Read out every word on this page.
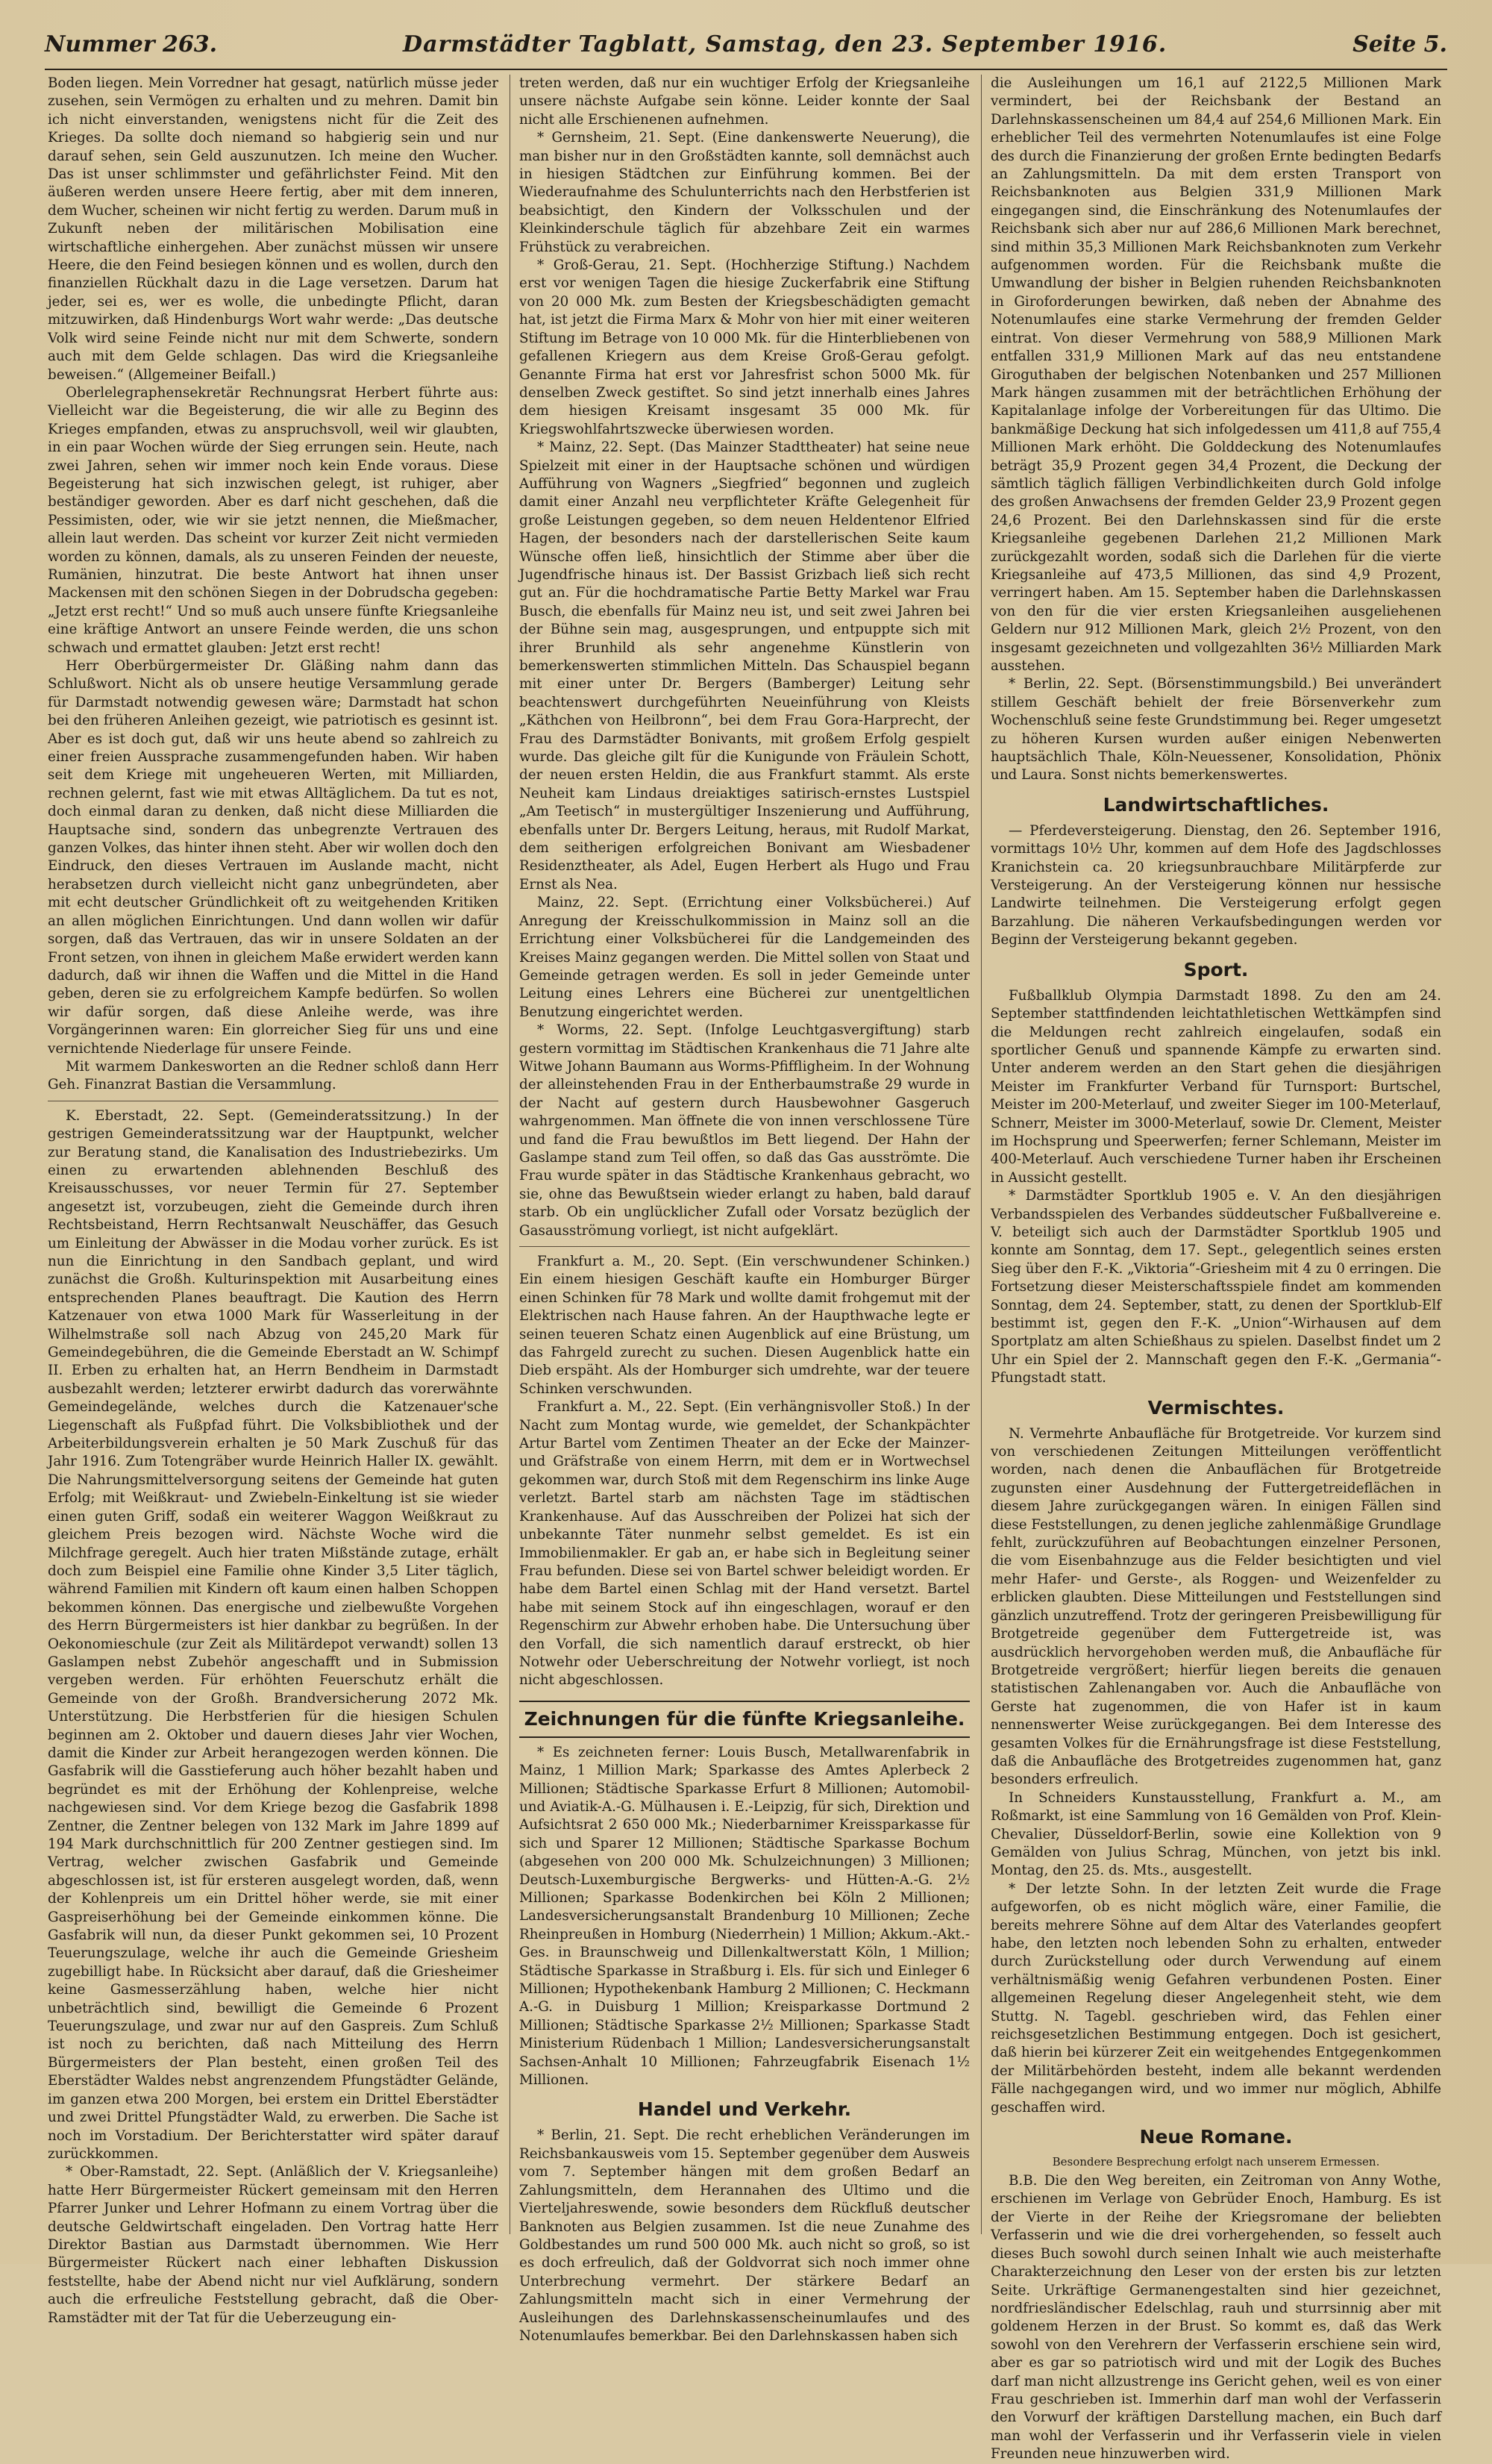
Nummer 263.	Darmstädter Tagblatt, Samstag, den 23. September 1916.	Seite 5.

Boden liegen. Mein Vorredner hat gesagt, natürlich müsse jeder zusehen, sein Vermögen zu erhalten und zu mehren. Damit bin ich nicht einverstanden, wenigstens nicht für die Zeit des Krieges. Da sollte doch niemand so habgierig sein und nur darauf sehen, sein Geld auszunutzen. Ich meine den Wucher. Das ist unser schlimmster und gefährlichster Feind. Mit den äußeren werden unsere Heere fertig, aber mit dem inneren, dem Wucher, scheinen wir nicht fertig zu werden. Darum muß in Zukunft neben der militärischen Mobilisation eine wirtschaftliche einhergehen. Aber zunächst müssen wir unsere Heere, die den Feind besiegen können und es wollen, durch den finanziellen Rückhalt dazu in die Lage versetzen. Darum hat jeder, sei es, wer es wolle, die unbedingte Pflicht, daran mitzuwirken, daß Hindenburgs Wort wahr werde: „Das deutsche Volk wird seine Feinde nicht nur mit dem Schwerte, sondern auch mit dem Gelde schlagen. Das wird die Kriegsanleihe beweisen.“ (Allgemeiner Beifall.)

Oberlelegraphensekretär Rechnungsrat Herbert führte aus: Vielleicht war die Begeisterung, die wir alle zu Beginn des Krieges empfanden, etwas zu anspruchsvoll, weil wir glaubten, in ein paar Wochen würde der Sieg errungen sein. Heute, nach zwei Jahren, sehen wir immer noch kein Ende voraus. Diese Begeisterung hat sich inzwischen gelegt, ist ruhiger, aber beständiger geworden. Aber es darf nicht geschehen, daß die Pessimisten, oder, wie wir sie jetzt nennen, die Mießmacher, allein laut werden. Das scheint vor kurzer Zeit nicht vermieden worden zu können, damals, als zu unseren Feinden der neueste, Rumänien, hinzutrat. Die beste Antwort hat ihnen unser Mackensen mit den schönen Siegen in der Dobrudscha gegeben: „Jetzt erst recht!“ Und so muß auch unsere fünfte Kriegsanleihe eine kräftige Antwort an unsere Feinde werden, die uns schon schwach und ermattet glauben: Jetzt erst recht!

Herr Oberbürgermeister Dr. Gläßing nahm dann das Schlußwort. Nicht als ob unsere heutige Versammlung gerade für Darmstadt notwendig gewesen wäre; Darmstadt hat schon bei den früheren Anleihen gezeigt, wie patriotisch es gesinnt ist. Aber es ist doch gut, daß wir uns heute abend so zahlreich zu einer freien Aussprache zusammengefunden haben. Wir haben seit dem Kriege mit ungeheueren Werten, mit Milliarden, rechnen gelernt, fast wie mit etwas Alltäglichem. Da tut es not, doch einmal daran zu denken, daß nicht diese Milliarden die Hauptsache sind, sondern das unbegrenzte Vertrauen des ganzen Volkes, das hinter ihnen steht. Aber wir wollen doch den Eindruck, den dieses Vertrauen im Auslande macht, nicht herabsetzen durch vielleicht nicht ganz unbegründeten, aber mit echt deutscher Gründlichkeit oft zu weitgehenden Kritiken an allen möglichen Einrichtungen. Und dann wollen wir dafür sorgen, daß das Vertrauen, das wir in unsere Soldaten an der Front setzen, von ihnen in gleichem Maße erwidert werden kann dadurch, daß wir ihnen die Waffen und die Mittel in die Hand geben, deren sie zu erfolgreichem Kampfe bedürfen. So wollen wir dafür sorgen, daß diese Anleihe werde, was ihre Vorgängerinnen waren: Ein glorreicher Sieg für uns und eine vernichtende Niederlage für unsere Feinde.

Mit warmem Dankesworten an die Redner schloß dann Herr Geh. Finanzrat Bastian die Versammlung.

K. Eberstadt, 22. Sept. (Gemeinderatssitzung.) In der gestrigen Gemeinderatssitzung war der Hauptpunkt, welcher zur Beratung stand, die Kanalisation des Industriebezirks. Um einen zu erwartenden ablehnenden Beschluß des Kreisausschusses, vor neuer Termin für 27. September angesetzt ist, vorzubeugen, zieht die Gemeinde durch ihren Rechtsbeistand, Herrn Rechtsanwalt Neuschäffer, das Gesuch um Einleitung der Abwässer in die Modau vorher zurück. Es ist nun die Einrichtung in den Sandbach geplant, und wird zunächst die Großh. Kulturinspektion mit Ausarbeitung eines entsprechenden Planes beauftragt. Die Kaution des Herrn Katzenauer von etwa 1000 Mark für Wasserleitung in der Wilhelmstraße soll nach Abzug von 245,20 Mark für Gemeindegebühren, die die Gemeinde Eberstadt an W. Schimpf II. Erben zu erhalten hat, an Herrn Bendheim in Darmstadt ausbezahlt werden; letzterer erwirbt dadurch das vorerwähnte Gemeindegelände, welches durch die Katzenauer'sche Liegenschaft als Fußpfad führt. Die Volksbibliothek und der Arbeiterbildungsverein erhalten je 50 Mark Zuschuß für das Jahr 1916. Zum Totengräber wurde Heinrich Haller IX. gewählt. Die Nahrungsmittelversorgung seitens der Gemeinde hat guten Erfolg; mit Weißkraut- und Zwiebeln-Einkeltung ist sie wieder einen guten Griff, sodaß ein weiterer Waggon Weißkraut zu gleichem Preis bezogen wird. Nächste Woche wird die Milchfrage geregelt. Auch hier traten Mißstände zutage, erhält doch zum Beispiel eine Familie ohne Kinder 3,5 Liter täglich, während Familien mit Kindern oft kaum einen halben Schoppen bekommen können. Das energische und zielbewußte Vorgehen des Herrn Bürgermeisters ist hier dankbar zu begrüßen. In der Oekonomieschule (zur Zeit als Militärdepot verwandt) sollen 13 Gaslampen nebst Zubehör angeschafft und in Submission vergeben werden. Für erhöhten Feuerschutz erhält die Gemeinde von der Großh. Brandversicherung 2072 Mk. Unterstützung. Die Herbstferien für die hiesigen Schulen beginnen am 2. Oktober und dauern dieses Jahr vier Wochen, damit die Kinder zur Arbeit herangezogen werden können. Die Gasfabrik will die Gasstieferung auch höher bezahlt haben und begründet es mit der Erhöhung der Kohlenpreise, welche nachgewiesen sind. Vor dem Kriege bezog die Gasfabrik 1898 Zentner, die Zentner belegen von 132 Mark im Jahre 1899 auf 194 Mark durchschnittlich für 200 Zentner gestiegen sind. Im Vertrag, welcher zwischen Gasfabrik und Gemeinde abgeschlossen ist, ist für ersteren ausgelegt worden, daß, wenn der Kohlenpreis um ein Drittel höher werde, sie mit einer Gaspreiserhöhung bei der Gemeinde einkommen könne. Die Gasfabrik will nun, da dieser Punkt gekommen sei, 10 Prozent Teuerungszulage, welche ihr auch die Gemeinde Griesheim zugebilligt habe. In Rücksicht aber darauf, daß die Griesheimer keine Gasmesserzählung haben, welche hier nicht unbeträchtlich sind, bewilligt die Gemeinde 6 Prozent Teuerungszulage, und zwar nur auf den Gaspreis. Zum Schluß ist noch zu berichten, daß nach Mitteilung des Herrn Bürgermeisters der Plan besteht, einen großen Teil des Eberstädter Waldes nebst angrenzendem Pfungstädter Gelände, im ganzen etwa 200 Morgen, bei erstem ein Drittel Eberstädter und zwei Drittel Pfungstädter Wald, zu erwerben. Die Sache ist noch im Vorstadium. Der Berichterstatter wird später darauf zurückkommen.

* Ober-Ramstadt, 22. Sept. (Anläßlich der V. Kriegsanleihe) hatte Herr Bürgermeister Rückert gemeinsam mit den Herren Pfarrer Junker und Lehrer Hofmann zu einem Vortrag über die deutsche Geldwirtschaft eingeladen. Den Vortrag hatte Herr Direktor Bastian aus Darmstadt übernommen. Wie Herr Bürgermeister Rückert nach einer lebhaften Diskussion feststellte, habe der Abend nicht nur viel Aufklärung, sondern auch die erfreuliche Feststellung gebracht, daß die Ober-Ramstädter mit der Tat für die Ueberzeugung ein-

treten werden, daß nur ein wuchtiger Erfolg der Kriegsanleihe unsere nächste Aufgabe sein könne. Leider konnte der Saal nicht alle Erschienenen aufnehmen.

* Gernsheim, 21. Sept. (Eine dankenswerte Neuerung), die man bisher nur in den Großstädten kannte, soll demnächst auch in hiesigen Städtchen zur Einführung kommen. Bei der Wiederaufnahme des Schulunterrichts nach den Herbstferien ist beabsichtigt, den Kindern der Volksschulen und der Kleinkinderschule täglich für abzehbare Zeit ein warmes Frühstück zu verabreichen.

* Groß-Gerau, 21. Sept. (Hochherzige Stiftung.) Nachdem erst vor wenigen Tagen die hiesige Zuckerfabrik eine Stiftung von 20 000 Mk. zum Besten der Kriegsbeschädigten gemacht hat, ist jetzt die Firma Marx & Mohr von hier mit einer weiteren Stiftung im Betrage von 10 000 Mk. für die Hinterbliebenen von gefallenen Kriegern aus dem Kreise Groß-Gerau gefolgt. Genannte Firma hat erst vor Jahresfrist schon 5000 Mk. für denselben Zweck gestiftet. So sind jetzt innerhalb eines Jahres dem hiesigen Kreisamt insgesamt 35 000 Mk. für Kriegswohlfahrtszwecke überwiesen worden.

* Mainz, 22. Sept. (Das Mainzer Stadttheater) hat seine neue Spielzeit mit einer in der Hauptsache schönen und würdigen Aufführung von Wagners „Siegfried“ begonnen und zugleich damit einer Anzahl neu verpflichteter Kräfte Gelegenheit für große Leistungen gegeben, so dem neuen Heldentenor Elfried Hagen, der besonders nach der darstellerischen Seite kaum Wünsche offen ließ, hinsichtlich der Stimme aber über die Jugendfrische hinaus ist. Der Bassist Grizbach ließ sich recht gut an. Für die hochdramatische Partie Betty Markel war Frau Busch, die ebenfalls für Mainz neu ist, und seit zwei Jahren bei der Bühne sein mag, ausgesprungen, und entpuppte sich mit ihrer Brunhild als sehr angenehme Künstlerin von bemerkenswerten stimmlichen Mitteln. Das Schauspiel begann mit einer unter Dr. Bergers (Bamberger) Leitung sehr beachtenswert durchgeführten Neueinführung von Kleists „Käthchen von Heilbronn“, bei dem Frau Gora-Harprecht, der Frau des Darmstädter Bonivants, mit großem Erfolg gespielt wurde. Das gleiche gilt für die Kunigunde von Fräulein Schott, der neuen ersten Heldin, die aus Frankfurt stammt. Als erste Neuheit kam Lindaus dreiaktiges satirisch-ernstes Lustspiel „Am Teetisch“ in mustergültiger Inszenierung und Aufführung, ebenfalls unter Dr. Bergers Leitung, heraus, mit Rudolf Markat, dem seitherigen erfolgreichen Bonivant am Wiesbadener Residenztheater, als Adel, Eugen Herbert als Hugo und Frau Ernst als Nea.

Mainz, 22. Sept. (Errichtung einer Volksbücherei.) Auf Anregung der Kreisschulkommission in Mainz soll an die Errichtung einer Volksbücherei für die Landgemeinden des Kreises Mainz gegangen werden. Die Mittel sollen von Staat und Gemeinde getragen werden. Es soll in jeder Gemeinde unter Leitung eines Lehrers eine Bücherei zur unentgeltlichen Benutzung eingerichtet werden.

* Worms, 22. Sept. (Infolge Leuchtgasvergiftung) starb gestern vormittag im Städtischen Krankenhaus die 71 Jahre alte Witwe Johann Baumann aus Worms-Pfiffligheim. In der Wohnung der alleinstehenden Frau in der Entherbaumstraße 29 wurde in der Nacht auf gestern durch Hausbewohner Gasgeruch wahrgenommen. Man öffnete die von innen verschlossene Türe und fand die Frau bewußtlos im Bett liegend. Der Hahn der Gaslampe stand zum Teil offen, so daß das Gas ausströmte. Die Frau wurde später in das Städtische Krankenhaus gebracht, wo sie, ohne das Bewußtsein wieder erlangt zu haben, bald darauf starb. Ob ein unglücklicher Zufall oder Vorsatz bezüglich der Gasausströmung vorliegt, ist nicht aufgeklärt.

Frankfurt a. M., 20. Sept. (Ein verschwundener Schinken.) Ein einem hiesigen Geschäft kaufte ein Homburger Bürger einen Schinken für 78 Mark und wollte damit frohgemut mit der Elektrischen nach Hause fahren. An der Haupthwache legte er seinen teueren Schatz einen Augenblick auf eine Brüstung, um das Fahrgeld zurecht zu suchen. Diesen Augenblick hatte ein Dieb erspäht. Als der Homburger sich umdrehte, war der teuere Schinken verschwunden.

Frankfurt a. M., 22. Sept. (Ein verhängnisvoller Stoß.) In der Nacht zum Montag wurde, wie gemeldet, der Schankpächter Artur Bartel vom Zentimen Theater an der Ecke der Mainzer- und Gräfstraße von einem Herrn, mit dem er in Wortwechsel gekommen war, durch Stoß mit dem Regenschirm ins linke Auge verletzt. Bartel starb am nächsten Tage im städtischen Krankenhause. Auf das Ausschreiben der Polizei hat sich der unbekannte Täter nunmehr selbst gemeldet. Es ist ein Immobilienmakler. Er gab an, er habe sich in Begleitung seiner Frau befunden. Diese sei von Bartel schwer beleidigt worden. Er habe dem Bartel einen Schlag mit der Hand versetzt. Bartel habe mit seinem Stock auf ihn eingeschlagen, worauf er den Regenschirm zur Abwehr erhoben habe. Die Untersuchung über den Vorfall, die sich namentlich darauf erstreckt, ob hier Notwehr oder Ueberschreitung der Notwehr vorliegt, ist noch nicht abgeschlossen.

Zeichnungen für die fünfte Kriegsanleihe.

* Es zeichneten ferner: Louis Busch, Metallwarenfabrik in Mainz, 1 Million Mark; Sparkasse des Amtes Aplerbeck 2 Millionen; Städtische Sparkasse Erfurt 8 Millionen; Automobil- und Aviatik-A.-G. Mülhausen i. E.-Leipzig, für sich, Direktion und Aufsichtsrat 2 650 000 Mk.; Niederbarnimer Kreissparkasse für sich und Sparer 12 Millionen; Städtische Sparkasse Bochum (abgesehen von 200 000 Mk. Schulzeichnungen) 3 Millionen; Deutsch-Luxemburgische Bergwerks- und Hütten-A.-G. 2½ Millionen; Sparkasse Bodenkirchen bei Köln 2 Millionen; Landesversicherungsanstalt Brandenburg 10 Millionen; Zeche Rheinpreußen in Homburg (Niederrhein) 1 Million; Akkum.-Akt.-Ges. in Braunschweig und Dillenkaltwerstatt Köln, 1 Million; Städtische Sparkasse in Straßburg i. Els. für sich und Einleger 6 Millionen; Hypothekenbank Hamburg 2 Millionen; C. Heckmann A.-G. in Duisburg 1 Million; Kreisparkasse Dortmund 2 Millionen; Städtische Sparkasse 2½ Millionen; Sparkasse Stadt Ministerium Rüdenbach 1 Million; Landesversicherungsanstalt Sachsen-Anhalt 10 Millionen; Fahrzeugfabrik Eisenach 1½ Millionen.

Handel und Verkehr.

* Berlin, 21. Sept. Die recht erheblichen Veränderungen im Reichsbankausweis vom 15. September gegenüber dem Ausweis vom 7. September hängen mit dem großen Bedarf an Zahlungsmitteln, dem Herannahen des Ultimo und die Vierteljahreswende, sowie besonders dem Rückfluß deutscher Banknoten aus Belgien zusammen. Ist die neue Zunahme des Goldbestandes um rund 500 000 Mk. auch nicht so groß, so ist es doch erfreulich, daß der Goldvorrat sich noch immer ohne Unterbrechung vermehrt. Der stärkere Bedarf an Zahlungsmitteln macht sich in einer Vermehrung der Ausleihungen des Darlehnskassenscheinumlaufes und des Notenumlaufes bemerkbar. Bei den Darlehnskassen haben sich

die Ausleihungen um 16,1 auf 2122,5 Millionen Mark vermindert, bei der Reichsbank der Bestand an Darlehnskassenscheinen um 84,4 auf 254,6 Millionen Mark. Ein erheblicher Teil des vermehrten Notenumlaufes ist eine Folge des durch die Finanzierung der großen Ernte bedingten Bedarfs an Zahlungsmitteln. Da mit dem ersten Transport von Reichsbanknoten aus Belgien 331,9 Millionen Mark eingegangen sind, die Einschränkung des Notenumlaufes der Reichsbank sich aber nur auf 286,6 Millionen Mark berechnet, sind mithin 35,3 Millionen Mark Reichsbanknoten zum Verkehr aufgenommen worden. Für die Reichsbank mußte die Umwandlung der bisher in Belgien ruhenden Reichsbanknoten in Giroforderungen bewirken, daß neben der Abnahme des Notenumlaufes eine starke Vermehrung der fremden Gelder eintrat. Von dieser Vermehrung von 588,9 Millionen Mark entfallen 331,9 Millionen Mark auf das neu entstandene Giroguthaben der belgischen Notenbanken und 257 Millionen Mark hängen zusammen mit der beträchtlichen Erhöhung der Kapitalanlage infolge der Vorbereitungen für das Ultimo. Die bankmäßige Deckung hat sich infolgedessen um 411,8 auf 755,4 Millionen Mark erhöht. Die Golddeckung des Notenumlaufes beträgt 35,9 Prozent gegen 34,4 Prozent, die Deckung der sämtlich täglich fälligen Verbindlichkeiten durch Gold infolge des großen Anwachsens der fremden Gelder 23,9 Prozent gegen 24,6 Prozent. Bei den Darlehnskassen sind für die erste Kriegsanleihe gegebenen Darlehen 21,2 Millionen Mark zurückgezahlt worden, sodaß sich die Darlehen für die vierte Kriegsanleihe auf 473,5 Millionen, das sind 4,9 Prozent, verringert haben. Am 15. September haben die Darlehnskassen von den für die vier ersten Kriegsanleihen ausgeliehenen Geldern nur 912 Millionen Mark, gleich 2½ Prozent, von den insgesamt gezeichneten und vollgezahlten 36½ Milliarden Mark ausstehen.

* Berlin, 22. Sept. (Börsenstimmungsbild.) Bei unverändert stillem Geschäft behielt der freie Börsenverkehr zum Wochenschluß seine feste Grundstimmung bei. Reger umgesetzt zu höheren Kursen wurden außer einigen Nebenwerten hauptsächlich Thale, Köln-Neuessener, Konsolidation, Phönix und Laura. Sonst nichts bemerkenswertes.

Landwirtschaftliches.

— Pferdeversteigerung. Dienstag, den 26. September 1916, vormittags 10½ Uhr, kommen auf dem Hofe des Jagdschlosses Kranichstein ca. 20 kriegsunbrauchbare Militärpferde zur Versteigerung. An der Versteigerung können nur hessische Landwirte teilnehmen. Die Versteigerung erfolgt gegen Barzahlung. Die näheren Verkaufsbedingungen werden vor Beginn der Versteigerung bekannt gegeben.

Sport.

Fußballklub Olympia Darmstadt 1898. Zu den am 24. September stattfindenden leichtathletischen Wettkämpfen sind die Meldungen recht zahlreich eingelaufen, sodaß ein sportlicher Genuß und spannende Kämpfe zu erwarten sind. Unter anderem werden an den Start gehen die diesjährigen Meister im Frankfurter Verband für Turnsport: Burtschel, Meister im 200-Meterlauf, und zweiter Sieger im 100-Meterlauf, Schnerr, Meister im 3000-Meterlauf, sowie Dr. Clement, Meister im Hochsprung und Speerwerfen; ferner Schlemann, Meister im 400-Meterlauf. Auch verschiedene Turner haben ihr Erscheinen in Aussicht gestellt.

* Darmstädter Sportklub 1905 e. V. An den diesjährigen Verbandsspielen des Verbandes süddeutscher Fußballvereine e. V. beteiligt sich auch der Darmstädter Sportklub 1905 und konnte am Sonntag, dem 17. Sept., gelegentlich seines ersten Sieg über den F.-K. „Viktoria“-Griesheim mit 4 zu 0 erringen. Die Fortsetzung dieser Meisterschaftsspiele findet am kommenden Sonntag, dem 24. September, statt, zu denen der Sportklub-Elf bestimmt ist, gegen den F.-K. „Union“-Wirhausen auf dem Sportplatz am alten Schießhaus zu spielen. Daselbst findet um 2 Uhr ein Spiel der 2. Mannschaft gegen den F.-K. „Germania“-Pfungstadt statt.

Vermischtes.

N. Vermehrte Anbaufläche für Brotgetreide. Vor kurzem sind von verschiedenen Zeitungen Mitteilungen veröffentlicht worden, nach denen die Anbauflächen für Brotgetreide zugunsten einer Ausdehnung der Futtergetreideflächen in diesem Jahre zurückgegangen wären. In einigen Fällen sind diese Feststellungen, zu denen jegliche zahlenmäßige Grundlage fehlt, zurückzuführen auf Beobachtungen einzelner Personen, die vom Eisenbahnzuge aus die Felder besichtigten und viel mehr Hafer- und Gerste-, als Roggen- und Weizenfelder zu erblicken glaubten. Diese Mitteilungen und Feststellungen sind gänzlich unzutreffend. Trotz der geringeren Preisbewilligung für Brotgetreide gegenüber dem Futtergetreide ist, was ausdrücklich hervorgehoben werden muß, die Anbaufläche für Brotgetreide vergrößert; hierfür liegen bereits die genauen statistischen Zahlenangaben vor. Auch die Anbaufläche von Gerste hat zugenommen, die von Hafer ist in kaum nennenswerter Weise zurückgegangen. Bei dem Interesse des gesamten Volkes für die Ernährungsfrage ist diese Feststellung, daß die Anbaufläche des Brotgetreides zugenommen hat, ganz besonders erfreulich.

In Schneiders Kunstausstellung, Frankfurt a. M., am Roßmarkt, ist eine Sammlung von 16 Gemälden von Prof. Klein-Chevalier, Düsseldorf-Berlin, sowie eine Kollektion von 9 Gemälden von Julius Schrag, München, von jetzt bis inkl. Montag, den 25. ds. Mts., ausgestellt.

* Der letzte Sohn. In der letzten Zeit wurde die Frage aufgeworfen, ob es nicht möglich wäre, einer Familie, die bereits mehrere Söhne auf dem Altar des Vaterlandes geopfert habe, den letzten noch lebenden Sohn zu erhalten, entweder durch Zurückstellung oder durch Verwendung auf einem verhältnismäßig wenig Gefahren verbundenen Posten. Einer allgemeinen Regelung dieser Angelegenheit steht, wie dem Stuttg. N. Tagebl. geschrieben wird, das Fehlen einer reichsgesetzlichen Bestimmung entgegen. Doch ist gesichert, daß hierin bei kürzerer Zeit ein weitgehendes Entgegenkommen der Militärbehörden besteht, indem alle bekannt werdenden Fälle nachgegangen wird, und wo immer nur möglich, Abhilfe geschaffen wird.

Neue Romane.
Besondere Besprechung erfolgt nach unserem Ermessen.

B.B. Die den Weg bereiten, ein Zeitroman von Anny Wothe, erschienen im Verlage von Gebrüder Enoch, Hamburg. Es ist der Vierte in der Reihe der Kriegsromane der beliebten Verfasserin und wie die drei vorhergehenden, so fesselt auch dieses Buch sowohl durch seinen Inhalt wie auch meisterhafte Charakterzeichnung den Leser von der ersten bis zur letzten Seite. Urkräftige Germanengestalten sind hier gezeichnet, nordfriesländischer Edelschlag, rauh und sturrsinnig aber mit goldenem Herzen in der Brust. So kommt es, daß das Werk sowohl von den Verehrern der Verfasserin erschiene sein wird, aber es gar so patriotisch wird und mit der Logik des Buches darf man nicht allzustrenge ins Gericht gehen, weil es von einer Frau geschrieben ist. Immerhin darf man wohl der Verfasserin den Vorwurf der kräftigen Darstellung machen, ein Buch darf man wohl der Verfasserin und ihr Verfasserin viele in vielen Freunden neue hinzuwerben wird.
